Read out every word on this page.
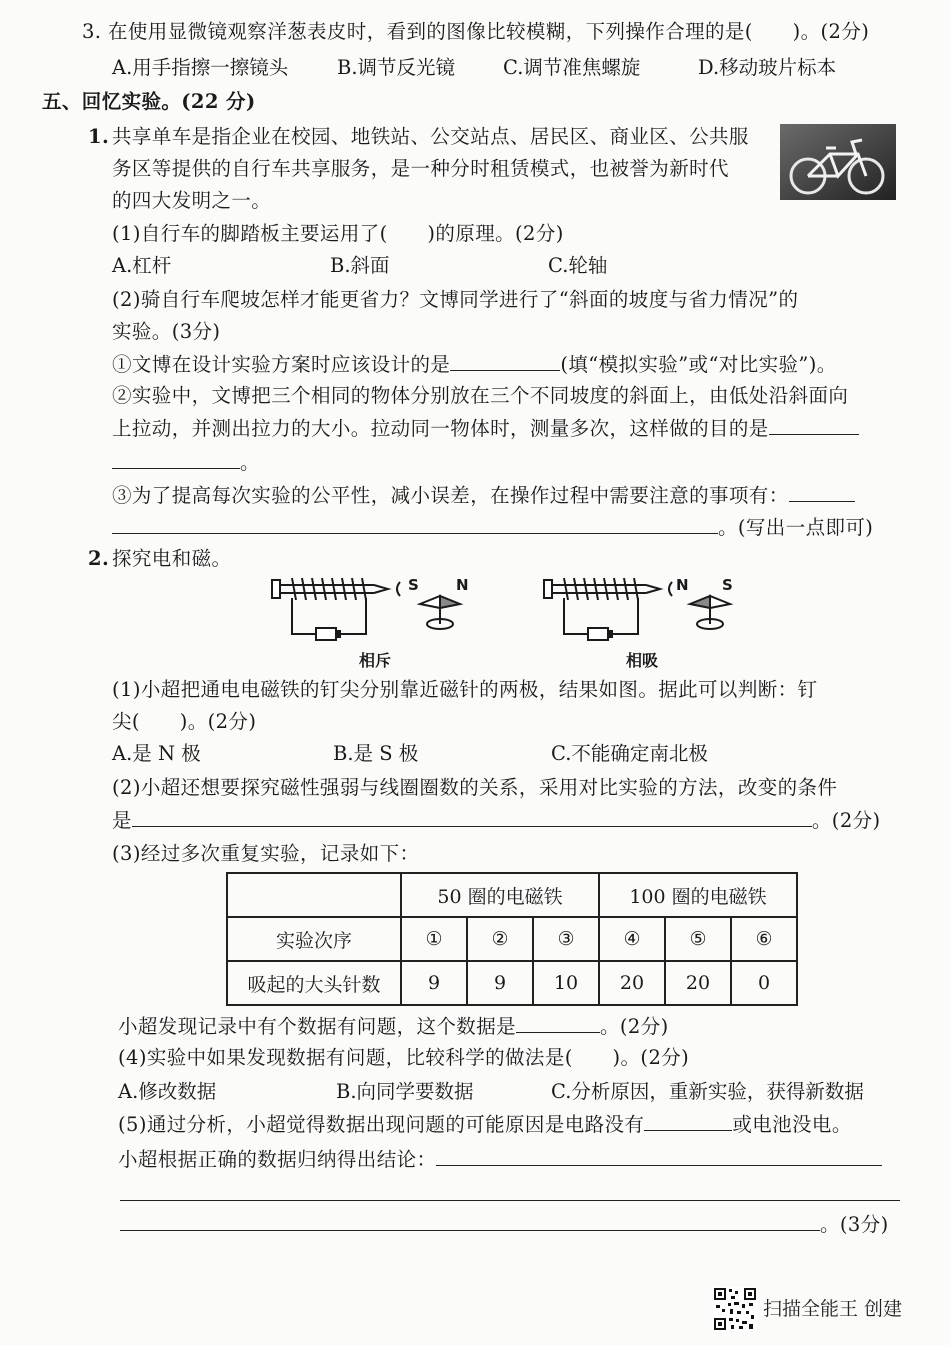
3. 在使用显微镜观察洋葱表皮时，看到的图像比较模糊，下列操作合理的是(　　)。(2分)
A.用手指擦一擦镜头 B.调节反光镜 C.调节准焦螺旋	D.移动玻片标本
五、回忆实验。(22 分)
1. 共享单车是指企业在校园、地铁站、公交站点、居民区、商业区、公共服
务区等提供的自行车共享服务，是一种分时租赁模式，也被誉为新时代
的四大发明之一。
(1)自行车的脚踏板主要运用了(　　)的原理。(2分)
A.杠杆	B.斜面	C.轮轴
(2)骑自行车爬坡怎样才能更省力？文博同学进行了“斜面的坡度与省力情况”的
实验。(3分)
①文博在设计实验方案时应该设计的是	(填“模拟实验”或“对比实验”)。
②实验中，文博把三个相同的物体分别放在三个不同坡度的斜面上，由低处沿斜面向
上拉动，并测出拉力的大小。拉动同一物体时，测量多次，这样做的目的是
。
③为了提高每次实验的公平性，减小误差，在操作过程中需要注意的事项有：
。(写出一点即可)
2. 探究电和磁。
S N
相斥
N S
相吸
(1)小超把通电电磁铁的钉尖分别靠近磁针的两极，结果如图。据此可以判断：钉
尖(　　)。(2分)
A.是 N 极	B.是 S 极	C.不能确定南北极
(2)小超还想要探究磁性强弱与线圈圈数的关系，采用对比实验的方法，改变的条件
是	。(2分)
(3)经过多次重复实验，记录如下：
	50 圈的电磁铁			100 圈的电磁铁		
实验次序	①	②	③	④	⑤	⑥
吸起的大头针数	9	9	10	20	20	0
小超发现记录中有个数据有问题，这个数据是	。(2分)
(4)实验中如果发现数据有问题，比较科学的做法是(　　)。(2分)
A.修改数据	B.向同学要数据	C.分析原因，重新实验，获得新数据
(5)通过分析，小超觉得数据出现问题的可能原因是电路没有	或电池没电。
小超根据正确的数据归纳得出结论：
。(3分)
扫描全能王 创建
